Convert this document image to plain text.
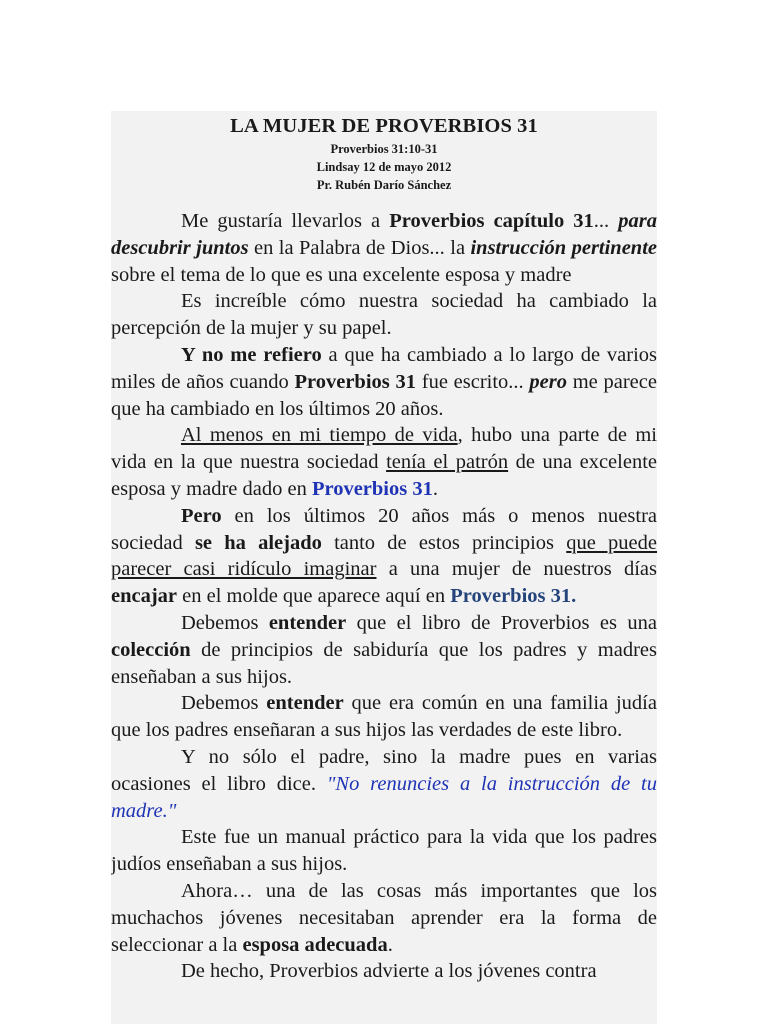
LA MUJER DE PROVERBIOS 31
Proverbios 31:10-31
Lindsay 12 de mayo 2012
Pr. Rubén Darío Sánchez

Me gustaría llevarlos a Proverbios capítulo 31... para descubrir juntos en la Palabra de Dios... la instrucción pertinente sobre el tema de lo que es una excelente esposa y madre

Es increíble cómo nuestra sociedad ha cambiado la percepción de la mujer y su papel.

Y no me refiero a que ha cambiado a lo largo de varios miles de años cuando Proverbios 31 fue escrito... pero me parece que ha cambiado en los últimos 20 años.

Al menos en mi tiempo de vida, hubo una parte de mi vida en la que nuestra sociedad tenía el patrón de una excelente esposa y madre dado en Proverbios 31.

Pero en los últimos 20 años más o menos nuestra sociedad se ha alejado tanto de estos principios que puede parecer casi ridículo imaginar a una mujer de nuestros días encajar en el molde que aparece aquí en Proverbios 31.

Debemos entender que el libro de Proverbios es una colección de principios de sabiduría que los padres y madres enseñaban a sus hijos.

Debemos entender que era común en una familia judía que los padres enseñaran a sus hijos las verdades de este libro.

Y no sólo el padre, sino la madre pues en varias ocasiones el libro dice. "No renuncies a la instrucción de tu madre."

Este fue un manual práctico para la vida que los padres judíos enseñaban a sus hijos.

Ahora… una de las cosas más importantes que los muchachos jóvenes necesitaban aprender era la forma de seleccionar a la esposa adecuada.

De hecho, Proverbios advierte a los jóvenes contra
